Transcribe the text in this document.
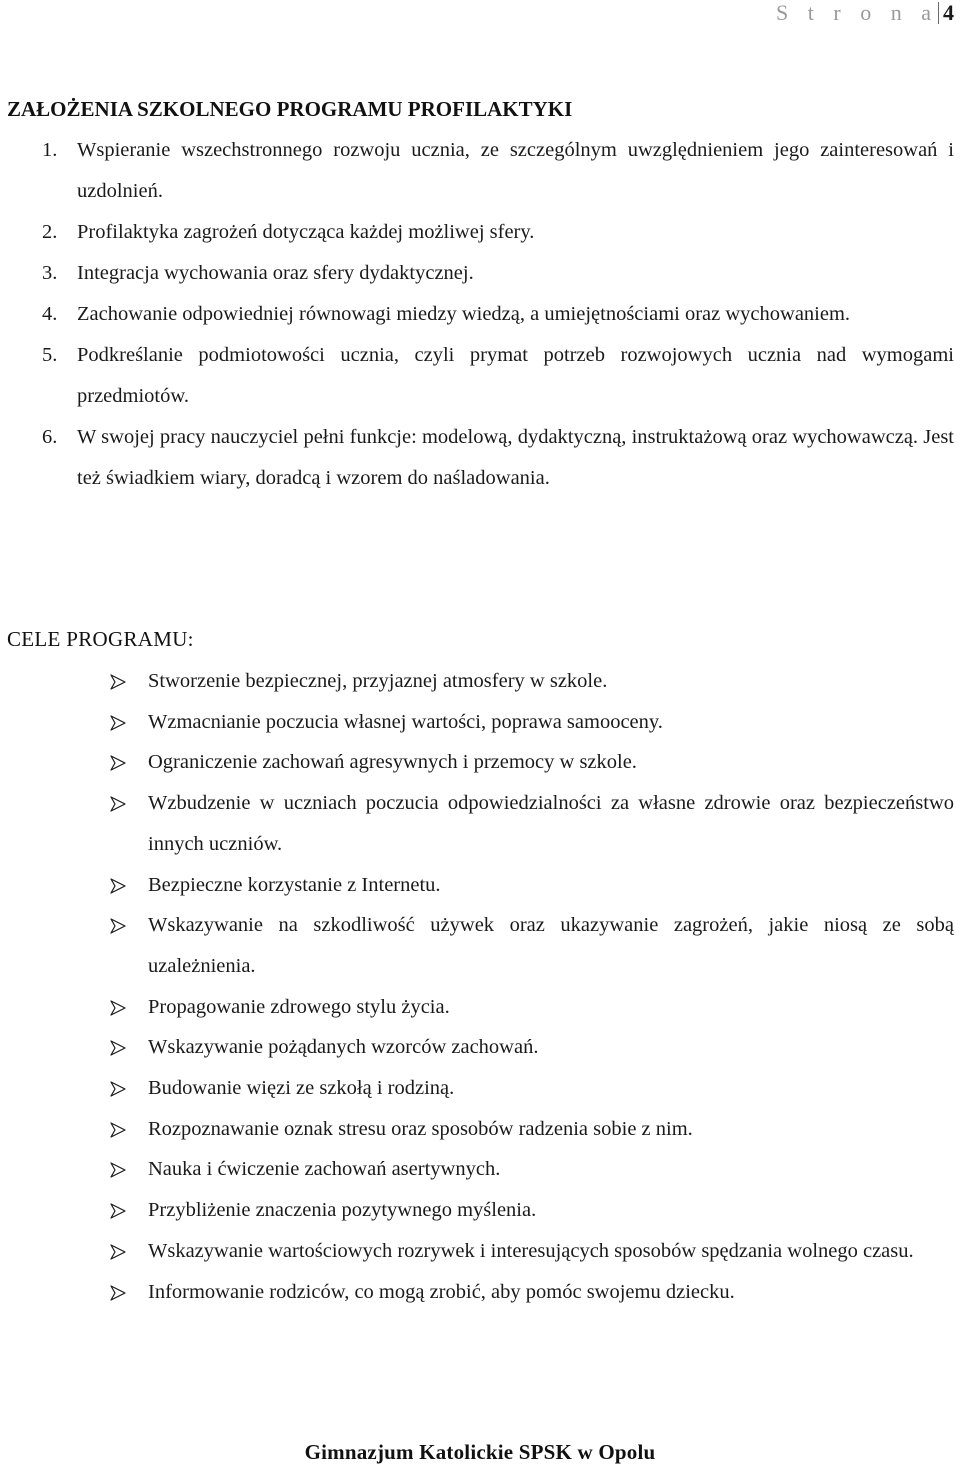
S t r o n a 4
ZAŁOŻENIA SZKOLNEGO PROGRAMU PROFILAKTYKI
1. Wspieranie wszechstronnego rozwoju ucznia, ze szczególnym uwzględnieniem jego zainteresowań i uzdolnień.
2. Profilaktyka zagrożeń dotycząca każdej możliwej sfery.
3. Integracja wychowania oraz sfery dydaktycznej.
4. Zachowanie odpowiedniej równowagi miedzy wiedzą, a umiejętnościami oraz wychowaniem.
5. Podkreślanie podmiotowości ucznia, czyli prymat potrzeb rozwojowych ucznia nad wymogami przedmiotów.
6. W swojej pracy nauczyciel pełni funkcje: modelową, dydaktyczną, instruktażową oraz wychowawczą. Jest też świadkiem wiary, doradcą i wzorem do naśladowania.
CELE PROGRAMU:
Stworzenie bezpiecznej, przyjaznej atmosfery w szkole.
Wzmacnianie poczucia własnej wartości, poprawa samooceny.
Ograniczenie zachowań agresywnych i przemocy w szkole.
Wzbudzenie w uczniach poczucia odpowiedzialności za własne zdrowie oraz bezpieczeństwo innych uczniów.
Bezpieczne korzystanie z Internetu.
Wskazywanie na szkodliwość używek oraz ukazywanie zagrożeń, jakie niosą ze sobą uzależnienia.
Propagowanie zdrowego stylu życia.
Wskazywanie pożądanych wzorców zachowań.
Budowanie więzi ze szkołą i rodziną.
Rozpoznawanie oznak stresu oraz sposobów radzenia sobie z nim.
Nauka i ćwiczenie zachowań asertywnych.
Przybliżenie znaczenia pozytywnego myślenia.
Wskazywanie wartościowych rozrywek i interesujących sposobów spędzania wolnego czasu.
Informowanie rodziców, co mogą zrobić, aby pomóc swojemu dziecku.
Gimnazjum Katolickie SPSK w Opolu
